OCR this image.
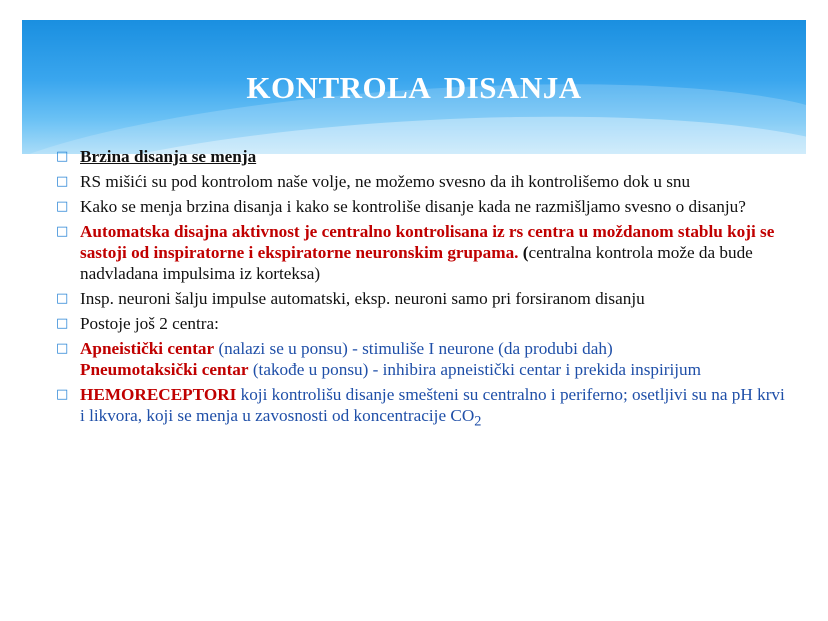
KONTROLA DISANJA
□
Brzina disanja se menja
□
RS mišići su pod kontrolom naše volje, ne možemo svesno da ih kontrolišemo dok u snu
□
Kako se menja brzina disanja i kako se kontroliše disanje kada ne razmišljamo svesno o disanju?
□
Automatska disajna aktivnost je centralno kontrolisana iz rs centra u moždanom stablu koji se sastoji od inspiratorne i ekspiratorne neuronskim grupama. (centralna kontrola može da bude nadvladana impulsima iz korteksa)
□
Insp. neuroni šalju impulse automatski, eksp. neuroni samo pri forsiranom disanju
□
Postoje još 2 centra:
□
Apneistički centar (nalazi se u ponsu) - stimuliše I neurone (da produbi dah)
Pneumotaksički centar (takođe u ponsu) - inhibira apneistički centar i prekida inspirijum
□
HEMORECEPTORI koji kontrolišu disanje smešteni su centralno i periferno; osetljivi su na pH krvi i likvora, koji se menja u zavosnosti od koncentracije $CO_2$
